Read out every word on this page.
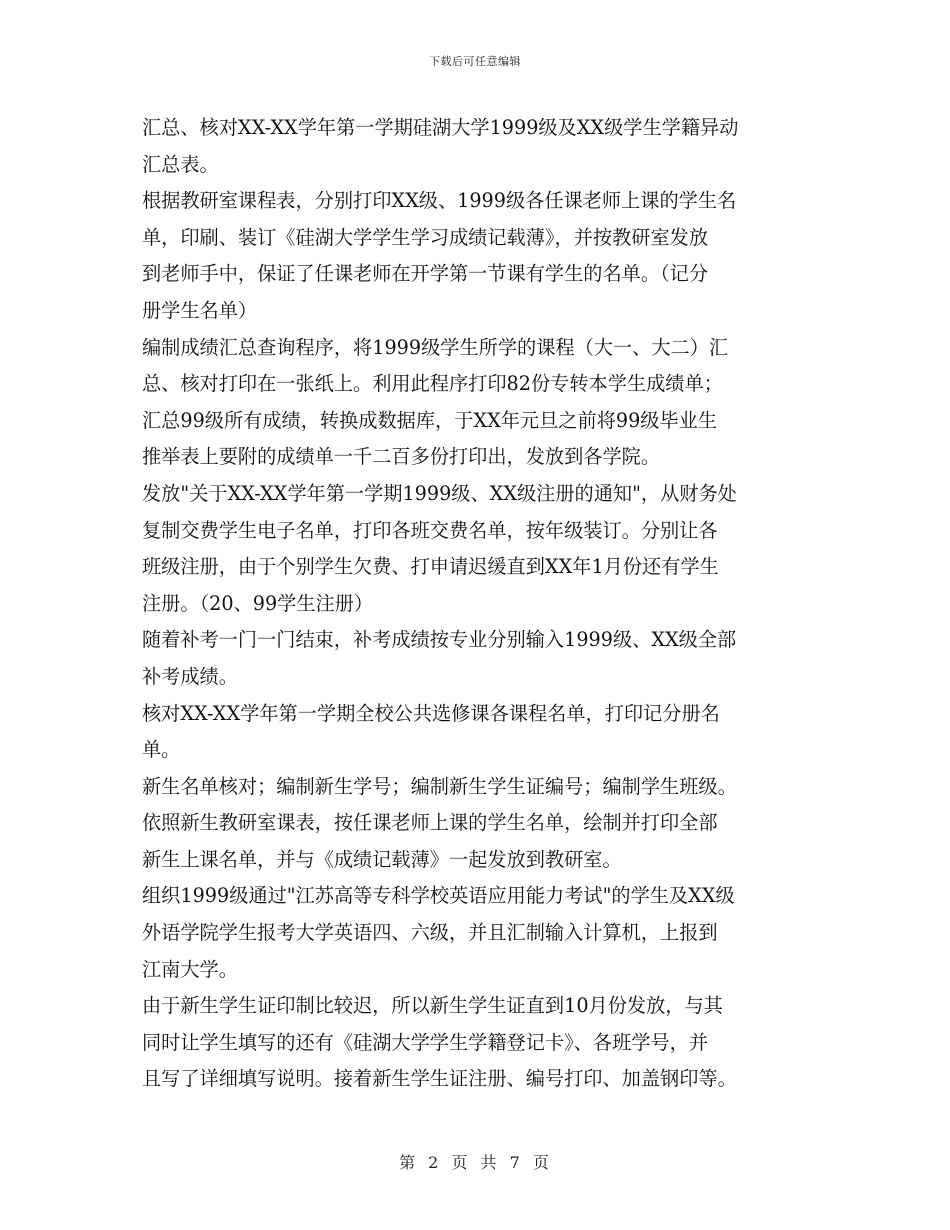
下载后可任意编辑
汇总、核对XX-XX学年第一学期硅湖大学1999级及XX级学生学籍异动
汇总表。
根据教研室课程表，分别打印XX级、1999级各任课老师上课的学生名
单，印刷、装订《硅湖大学学生学习成绩记载薄》，并按教研室发放
到老师手中，保证了任课老师在开学第一节课有学生的名单。（记分
册学生名单）
编制成绩汇总查询程序，将1999级学生所学的课程（大一、大二）汇
总、核对打印在一张纸上。利用此程序打印82份专转本学生成绩单；
汇总99级所有成绩，转换成数据库，于XX年元旦之前将99级毕业生
推举表上要附的成绩单一千二百多份打印出，发放到各学院。
发放"关于XX-XX学年第一学期1999级、XX级注册的通知"，从财务处
复制交费学生电子名单，打印各班交费名单，按年级装订。分别让各
班级注册，由于个别学生欠费、打申请迟缓直到XX年1月份还有学生
注册。（20、99学生注册）
随着补考一门一门结束，补考成绩按专业分别输入1999级、XX级全部
补考成绩。
核对XX-XX学年第一学期全校公共选修课各课程名单，打印记分册名
单。
新生名单核对；编制新生学号；编制新生学生证编号；编制学生班级。
依照新生教研室课表，按任课老师上课的学生名单，绘制并打印全部
新生上课名单，并与《成绩记载薄》一起发放到教研室。
组织1999级通过"江苏高等专科学校英语应用能力考试"的学生及XX级
外语学院学生报考大学英语四、六级，并且汇制输入计算机，上报到
江南大学。
由于新生学生证印制比较迟，所以新生学生证直到10月份发放，与其
同时让学生填写的还有《硅湖大学学生学籍登记卡》、各班学号，并
且写了详细填写说明。接着新生学生证注册、编号打印、加盖钢印等。
第 2 页 共 7 页
